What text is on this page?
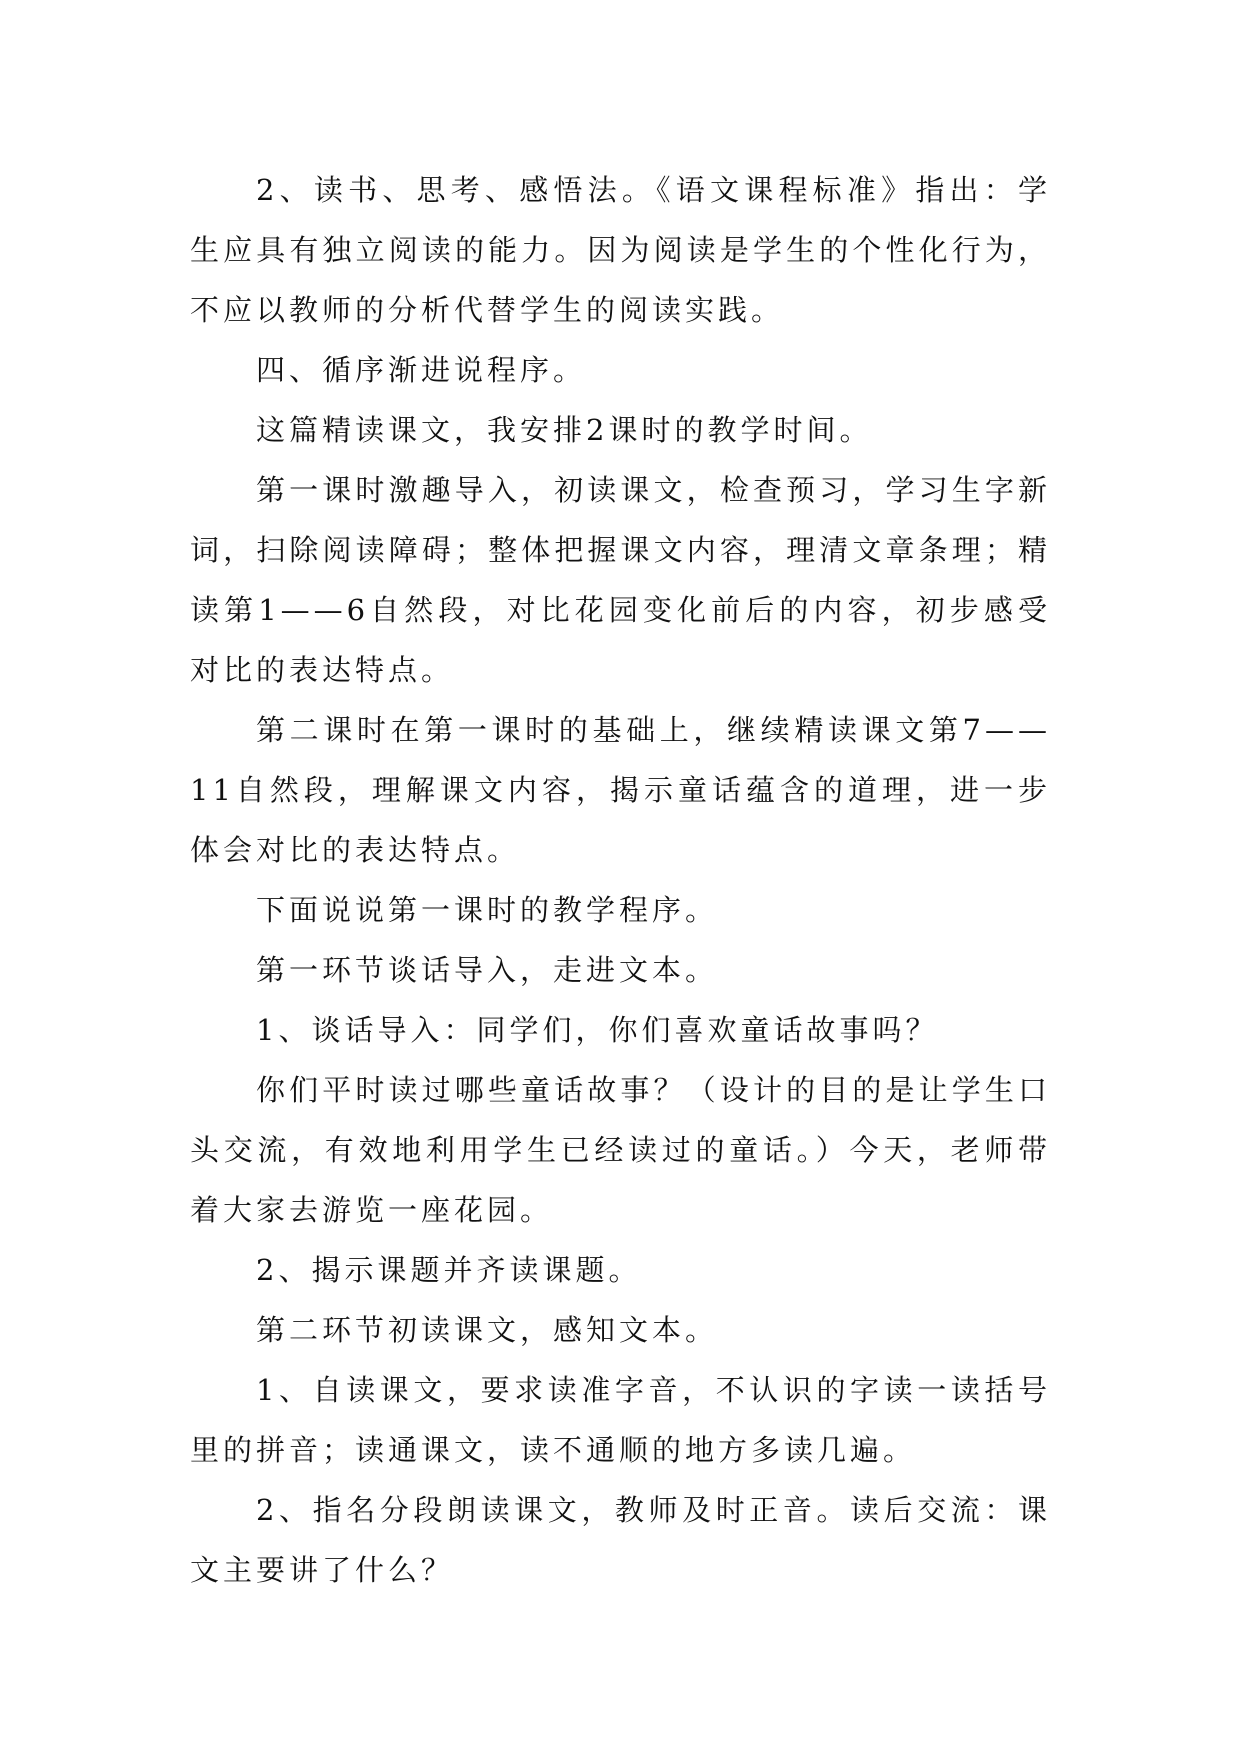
2、读书、思考、感悟法。《语文课程标准》指出：学生应具有独立阅读的能力。因为阅读是学生的个性化行为，不应以教师的分析代替学生的阅读实践。

四、循序渐进说程序。

这篇精读课文，我安排2课时的教学时间。

第一课时激趣导入，初读课文，检查预习，学习生字新词，扫除阅读障碍；整体把握课文内容，理清文章条理；精读第1——6自然段，对比花园变化前后的内容，初步感受对比的表达特点。

第二课时在第一课时的基础上，继续精读课文第7——11自然段，理解课文内容，揭示童话蕴含的道理，进一步体会对比的表达特点。

下面说说第一课时的教学程序。

第一环节谈话导入，走进文本。

1、谈话导入：同学们，你们喜欢童话故事吗？

你们平时读过哪些童话故事？（设计的目的是让学生口头交流，有效地利用学生已经读过的童话。）今天，老师带着大家去游览一座花园。

2、揭示课题并齐读课题。

第二环节初读课文，感知文本。

1、自读课文，要求读准字音，不认识的字读一读括号里的拼音；读通课文，读不通顺的地方多读几遍。

2、指名分段朗读课文，教师及时正音。读后交流：课文主要讲了什么？
